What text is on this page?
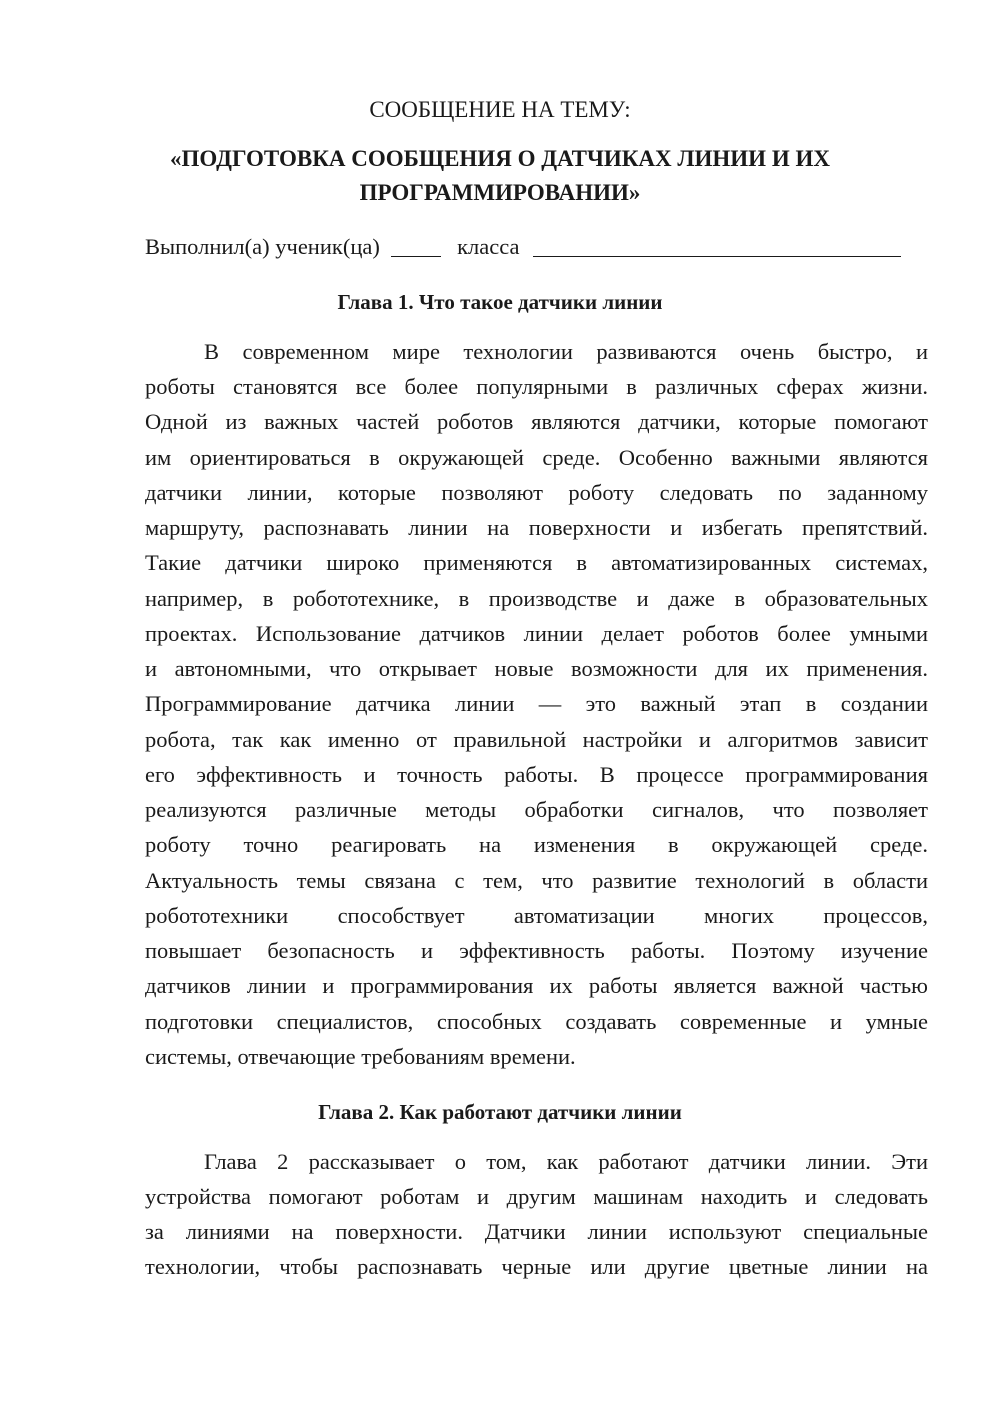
СООБЩЕНИЕ НА ТЕМУ:
«ПОДГОТОВКА СООБЩЕНИЯ О ДАТЧИКАХ ЛИНИИ И ИХ
ПРОГРАММИРОВАНИИ»
Выполнил(а) ученик(ца)	класса
Глава 1. Что такое датчики линии
В современном мире технологии развиваются очень быстро, и
роботы становятся все более популярными в различных сферах жизни.
Одной из важных частей роботов являются датчики, которые помогают
им ориентироваться в окружающей среде. Особенно важными являются
датчики линии, которые позволяют роботу следовать по заданному
маршруту, распознавать линии на поверхности и избегать препятствий.
Такие датчики широко применяются в автоматизированных системах,
например, в робототехнике, в производстве и даже в образовательных
проектах. Использование датчиков линии делает роботов более умными
и автономными, что открывает новые возможности для их применения.
Программирование датчика линии — это важный этап в создании
робота, так как именно от правильной настройки и алгоритмов зависит
его эффективность и точность работы. В процессе программирования
реализуются различные методы обработки сигналов, что позволяет
роботу точно реагировать на изменения в окружающей среде.
Актуальность темы связана с тем, что развитие технологий в области
робототехники способствует автоматизации многих процессов,
повышает безопасность и эффективность работы. Поэтому изучение
датчиков линии и программирования их работы является важной частью
подготовки специалистов, способных создавать современные и умные
системы, отвечающие требованиям времени.
Глава 2. Как работают датчики линии
Глава 2 рассказывает о том, как работают датчики линии. Эти
устройства помогают роботам и другим машинам находить и следовать
за линиями на поверхности. Датчики линии используют специальные
технологии, чтобы распознавать черные или другие цветные линии на
